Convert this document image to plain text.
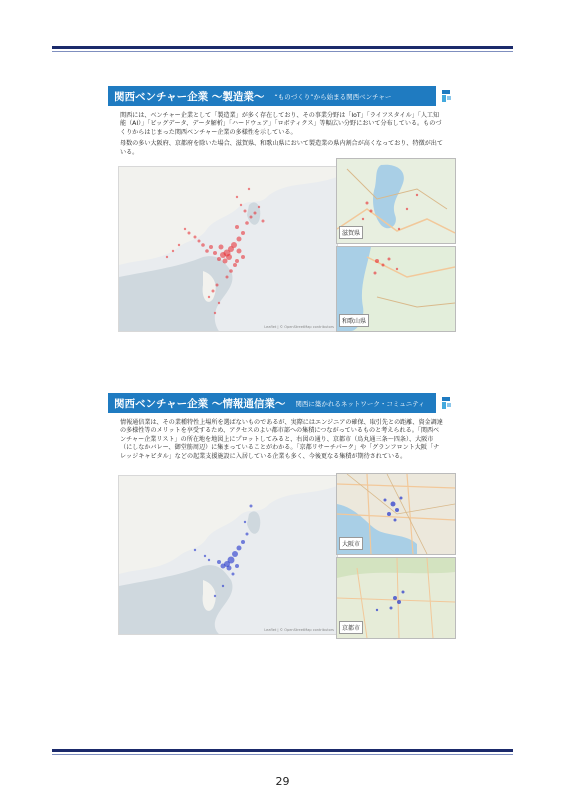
関西ベンチャー企業 〜製造業〜	“ものづくり”から始まる関西ベンチャー

関西には、ベンチャー企業として「製造業」が多く存在しており、その事業分野は「IoT」「ライフスタイル」「人工知能（AI）」「ビッグデータ、データ解析」「ハードウェア」「ロボティクス」等幅広い分野において分布している。ものづくりからはじまった関西ベンチャー企業の多様性を示している。

母数の多い大阪府、京都府を除いた場合、滋賀県、和歌山県において製造業の県内割合が高くなっており、特徴が出ている。

Leaflet | © OpenStreetMap contributors
滋賀県
和歌山県
関西ベンチャー企業 〜情報通信業〜	関西に築かれるネットワーク・コミュニティ

情報通信業は、その業種特性上場所を選ばないものであるが、実際にはエンジニアの確保、取引先との距離、資金調達の多様性等のメリットを享受するため、アクセスのよい都市部への集積につながっているものと考えられる。「関西ベンチャー企業リスト」の所在地を地図上にプロットしてみると、右図の通り、京都市（烏丸通三条〜四条）、大阪市（にしなかバレー、御堂筋周辺）に集まっていることがわかる。「京都リサーチパーク」や「グランフロント大阪「ナレッジキャピタル」などの起業支援施設に入居している企業も多く、今後更なる集積が期待されている。

Leaflet | © OpenStreetMap contributors
大阪市
京都市
29
